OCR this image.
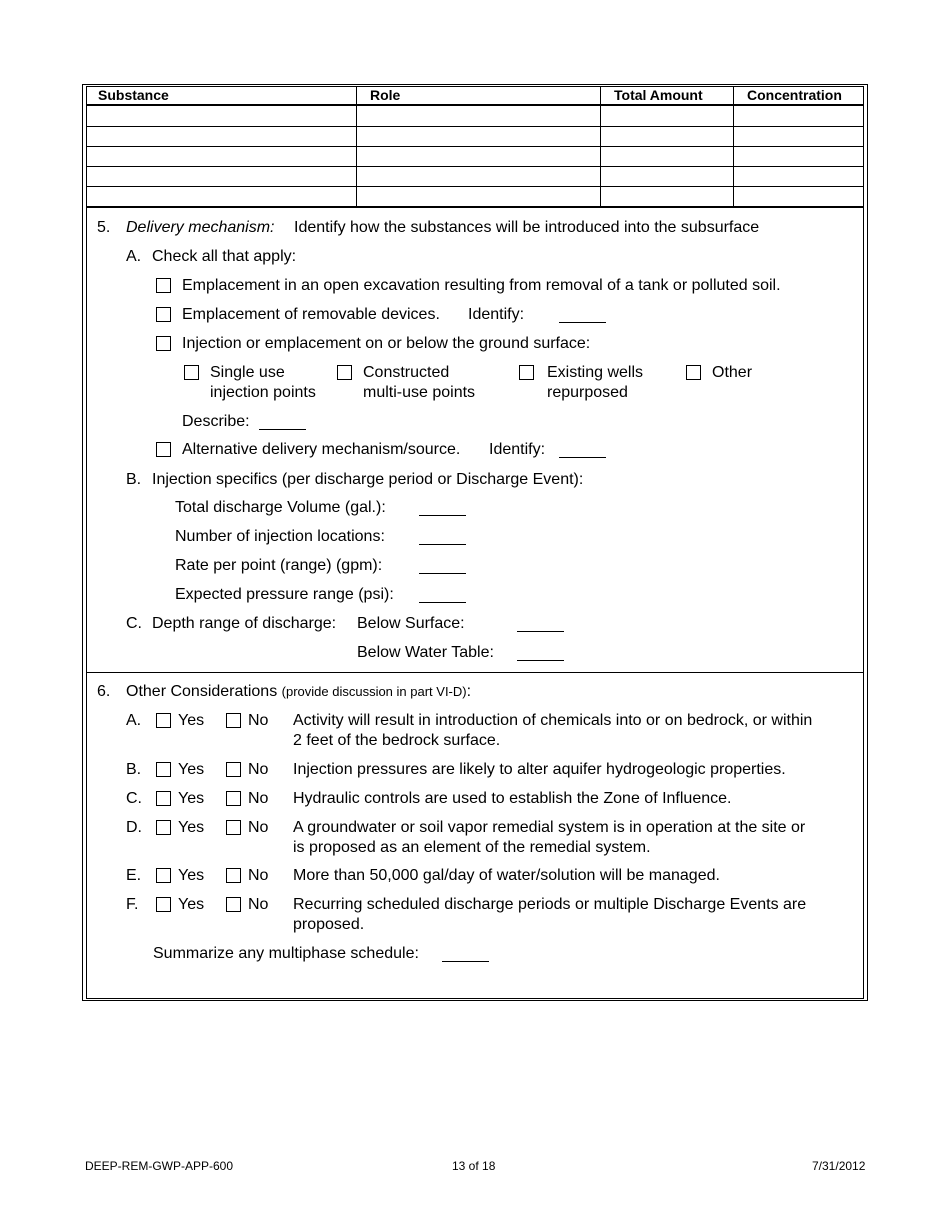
Substance	Role	Total Amount	Concentration
5. Delivery mechanism: Identify how the substances will be introduced into the subsurface
A. Check all that apply:
Emplacement in an open excavation resulting from removal of a tank or polluted soil.
Emplacement of removable devices. Identify:
Injection or emplacement on or below the ground surface:
Single use
injection points
Constructed
multi-use points
Existing wells
repurposed
Other
Describe:
Alternative delivery mechanism/source. Identify:
B. Injection specifics (per discharge period or Discharge Event):
Total discharge Volume (gal.):
Number of injection locations:
Rate per point (range) (gpm):
Expected pressure range (psi):
C. Depth range of discharge: Below Surface:
Below Water Table:
6. Other Considerations (provide discussion in part VI-D):
A. Yes	No Activity will result in introduction of chemicals into or on bedrock, or within
2 feet of the bedrock surface.
B. Yes	No Injection pressures are likely to alter aquifer hydrogeologic properties.
C. Yes	No Hydraulic controls are used to establish the Zone of Influence.
D. Yes	No A groundwater or soil vapor remedial system is in operation at the site or
is proposed as an element of the remedial system.
E. Yes	No More than 50,000 gal/day of water/solution will be managed.
F. Yes	No Recurring scheduled discharge periods or multiple Discharge Events are
proposed.
Summarize any multiphase schedule:
DEEP-REM-GWP-APP-600	13 of 18	7/31/2012
